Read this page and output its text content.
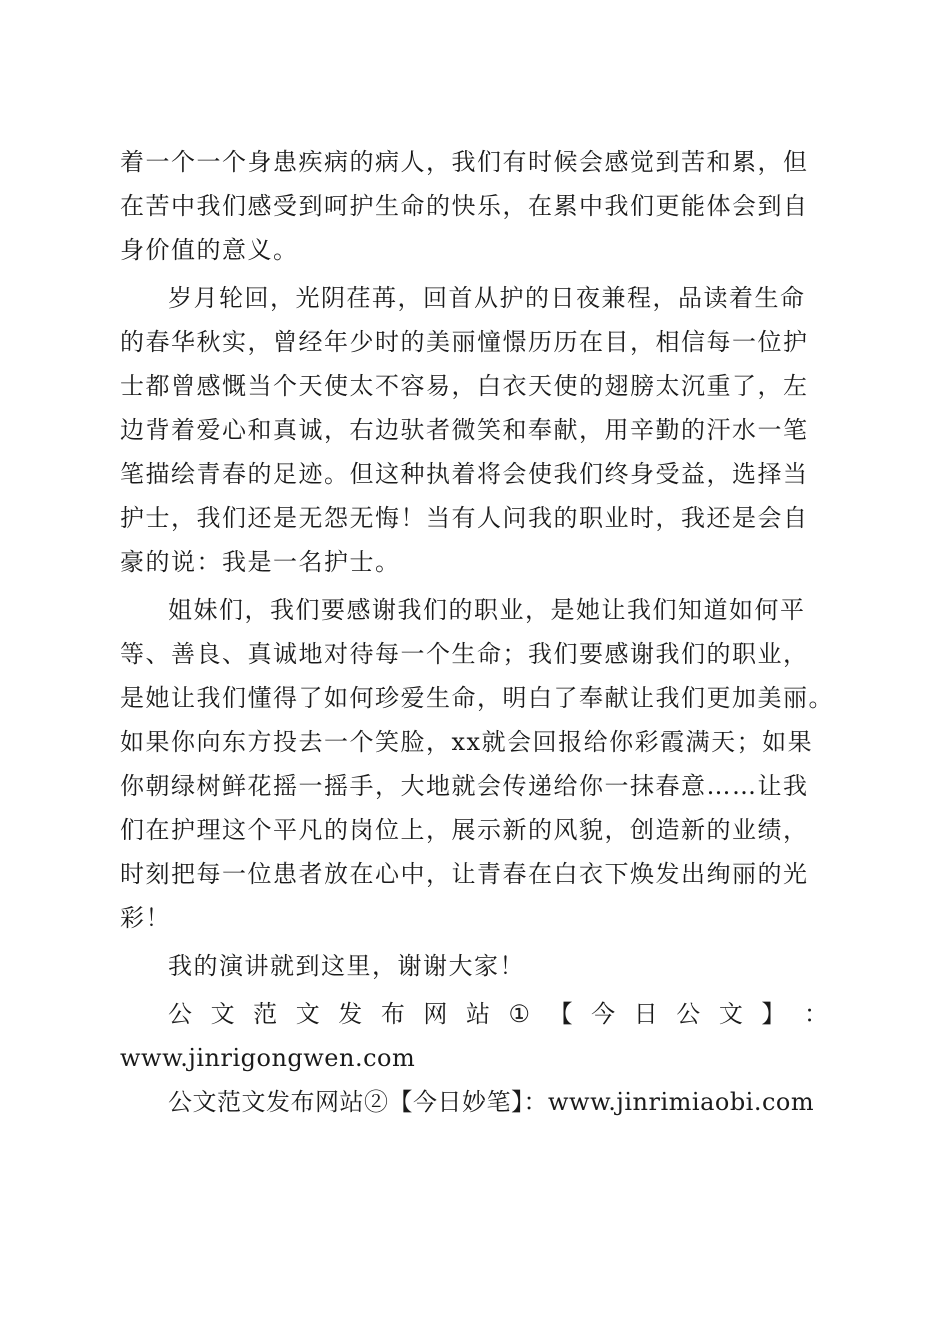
着一个一个身患疾病的病人，我们有时候会感觉到苦和累，但
在苦中我们感受到呵护生命的快乐，在累中我们更能体会到自
身价值的意义。
岁月轮回，光阴荏苒，回首从护的日夜兼程，品读着生命
的春华秋实，曾经年少时的美丽憧憬历历在目，相信每一位护
士都曾感慨当个天使太不容易，白衣天使的翅膀太沉重了，左
边背着爱心和真诚，右边驮者微笑和奉献，用辛勤的汗水一笔
笔描绘青春的足迹。但这种执着将会使我们终身受益，选择当
护士，我们还是无怨无悔！当有人问我的职业时，我还是会自
豪的说：我是一名护士。
姐妹们，我们要感谢我们的职业，是她让我们知道如何平
等、善良、真诚地对待每一个生命；我们要感谢我们的职业，
是她让我们懂得了如何珍爱生命，明白了奉献让我们更加美丽。
如果你向东方投去一个笑脸，xx就会回报给你彩霞满天；如果
你朝绿树鲜花摇一摇手，大地就会传递给你一抹春意……让我
们在护理这个平凡的岗位上，展示新的风貌，创造新的业绩，
时刻把每一位患者放在心中，让青春在白衣下焕发出绚丽的光
彩！
我的演讲就到这里，谢谢大家！
公 文 范 文 发 布 网 站 ① 【 今 日 公 文 】 ：
www.jinrigongwen.com
公文范文发布网站②【今日妙笔】：www.jinrimiaobi.com
